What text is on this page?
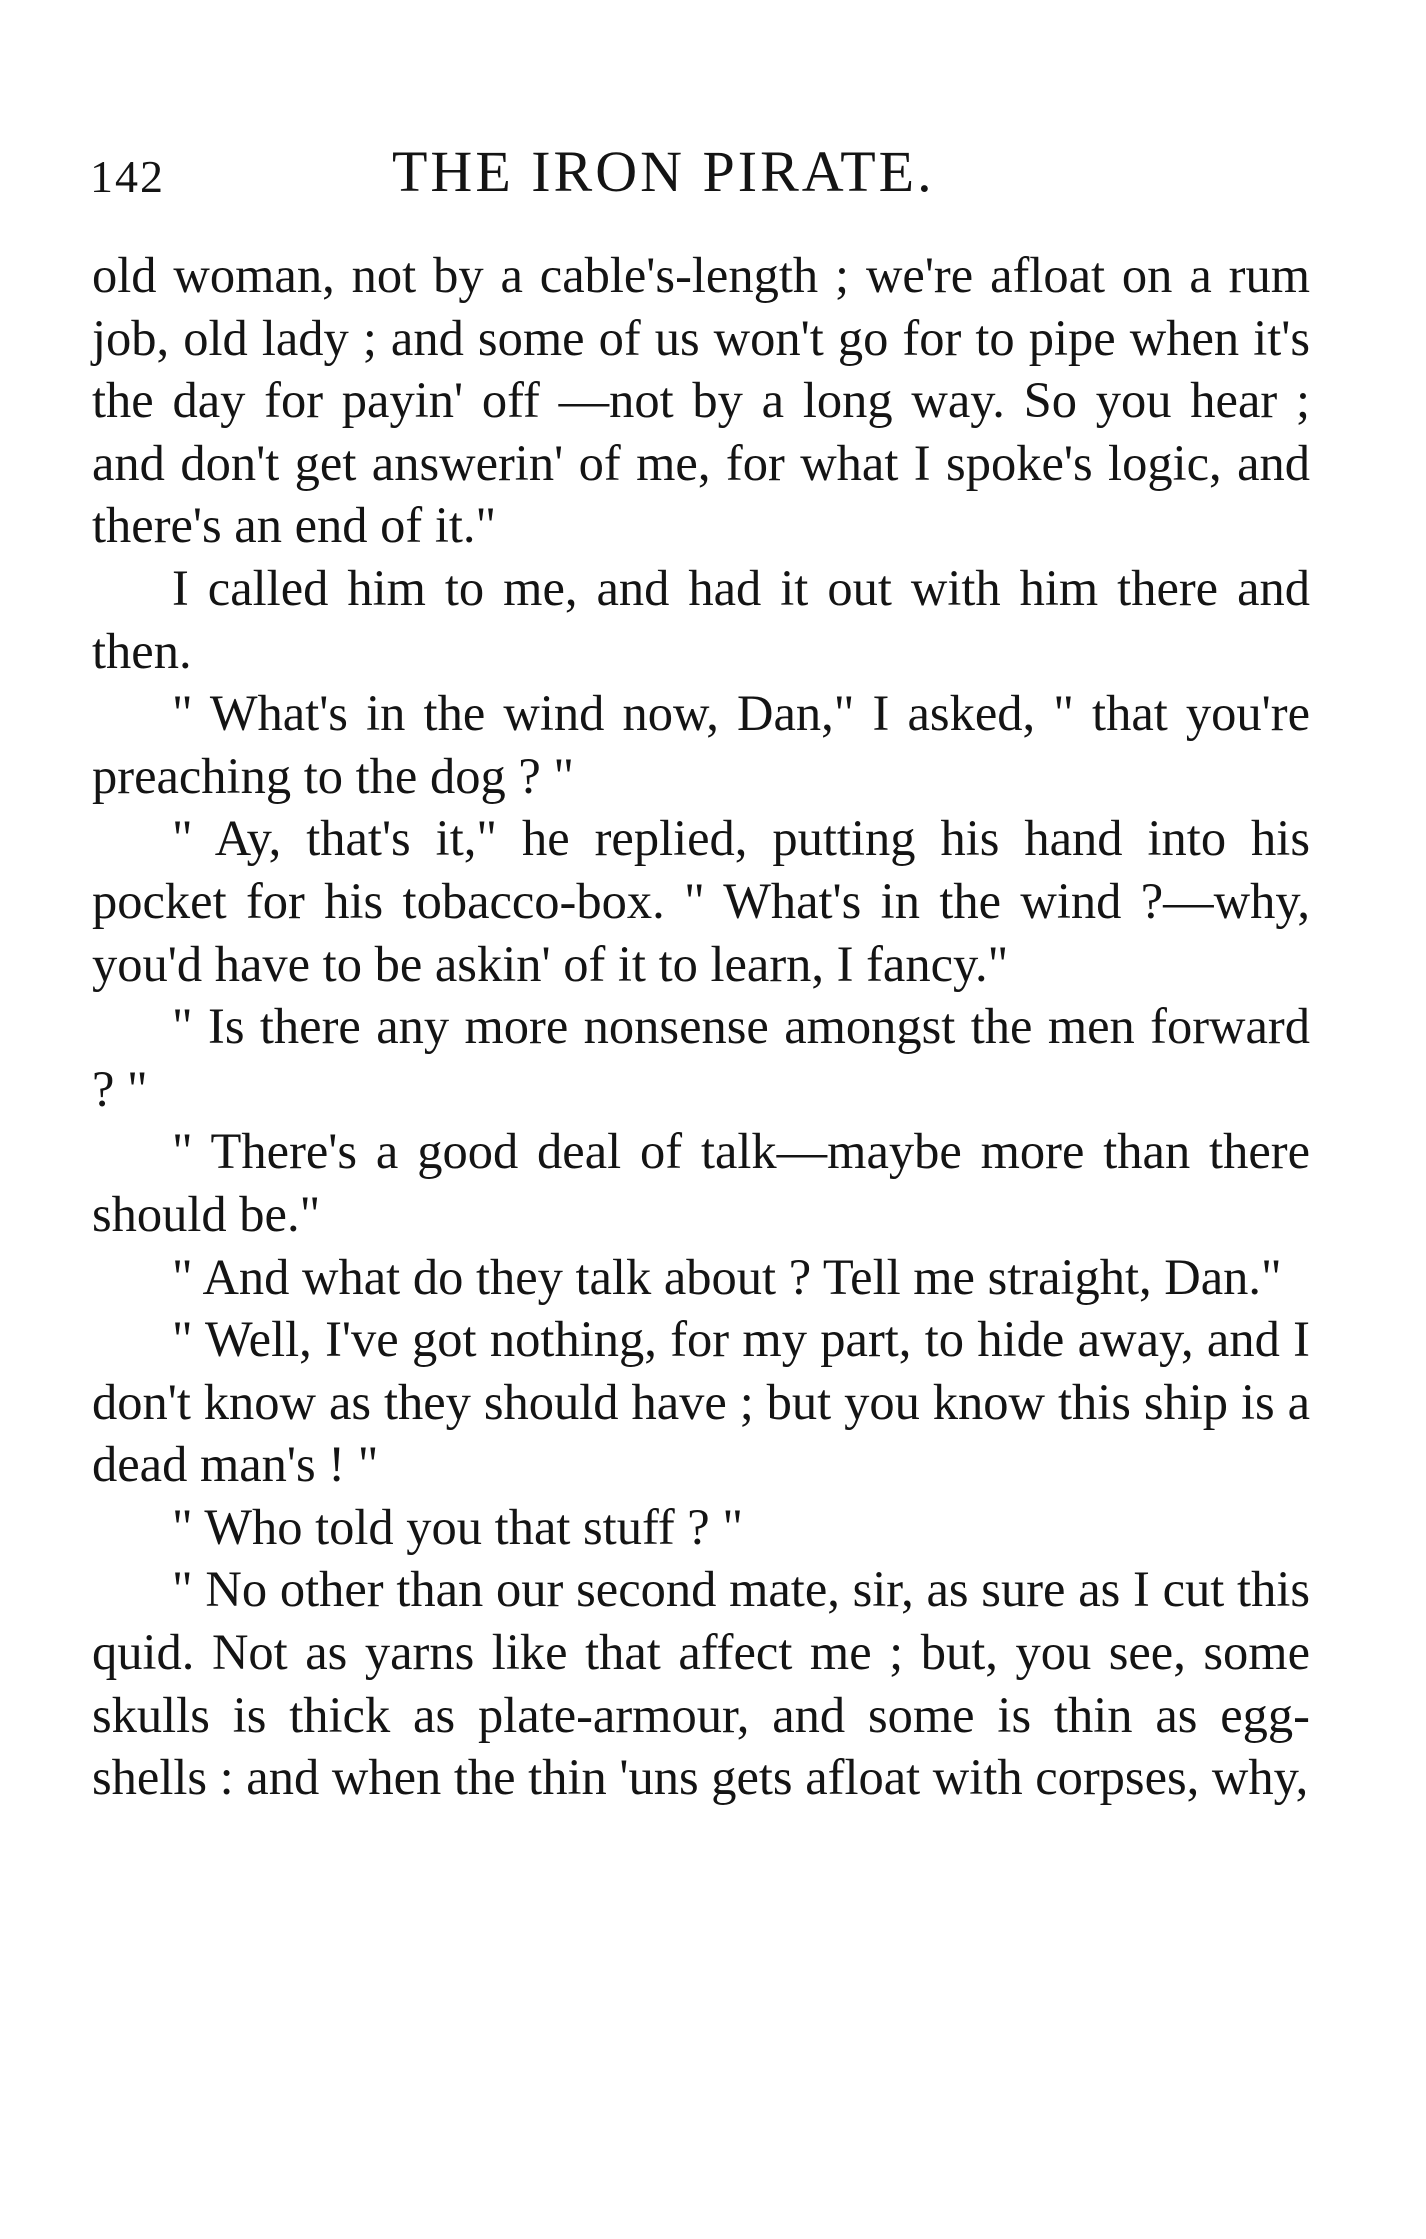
142	THE IRON PIRATE.

old woman, not by a cable's-length ; we're afloat on a rum job, old lady ; and some of us won't go for to pipe when it's the day for payin' off —not by a long way. So you hear ; and don't get answerin' of me, for what I spoke's logic, and there's an end of it."

I called him to me, and had it out with him there and then.

" What's in the wind now, Dan," I asked, " that you're preaching to the dog ? "

" Ay, that's it," he replied, putting his hand into his pocket for his tobacco-box. " What's in the wind ?—why, you'd have to be askin' of it to learn, I fancy."

" Is there any more nonsense amongst the men forward ? "

" There's a good deal of talk—maybe more than there should be."

" And what do they talk about ? Tell me straight, Dan."

" Well, I've got nothing, for my part, to hide away, and I don't know as they should have ; but you know this ship is a dead man's ! "

" Who told you that stuff ? "

" No other than our second mate, sir, as sure as I cut this quid. Not as yarns like that affect me ; but, you see, some skulls is thick as plate-armour, and some is thin as egg-shells : and when the thin 'uns gets afloat with corpses, why,
